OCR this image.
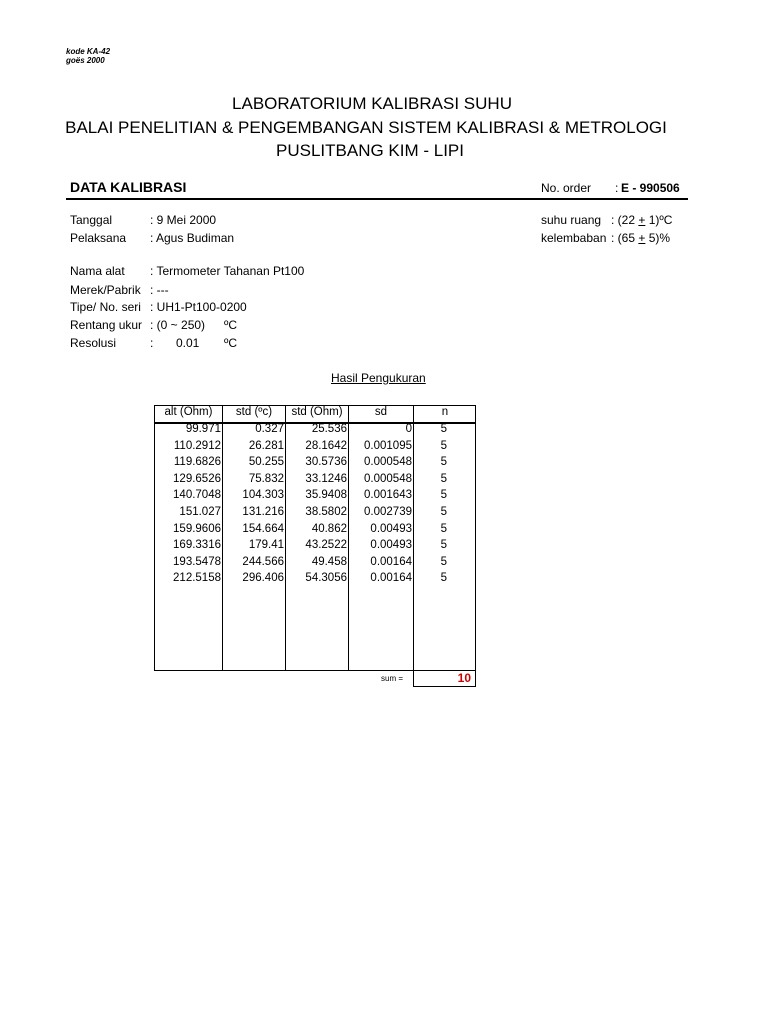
kode KA-42
goës 2000
LABORATORIUM KALIBRASI SUHU
BALAI PENELITIAN & PENGEMBANGAN SISTEM KALIBRASI & METROLOGI
PUSLITBANG KIM - LIPI
DATA KALIBRASI	No. order : E - 990506
Tanggal	: 9 Mei 2000
Pelaksana : Agus Budiman
suhu ruang : (22 + 1)ºC
kelembaban : (65 + 5)%
Nama alat : Termometer Tahanan Pt100
Merek/Pabrik : ---
Tipe/ No. seri : UH1-Pt100-0200
Rentang ukur : (0 ~ 250) ºC
Resolusi	: 0.01 ºC
Hasil Pengukuran
alt (Ohm)	std (ºc)	std (Ohm)	sd	n
99.971	0.327	25.536	0	5
110.2912	26.281	28.1642	0.001095	5
119.6826	50.255	30.5736	0.000548	5
129.6526	75.832	33.1246	0.000548	5
140.7048	104.303	35.9408	0.001643	5
151.027	131.216	38.5802	0.002739	5
159.9606	154.664	40.862	0.00493	5
169.3316	179.41	43.2522	0.00493	5
193.5478	244.566	49.458	0.00164	5
212.5158	296.406	54.3056	0.00164	5
sum =	10
